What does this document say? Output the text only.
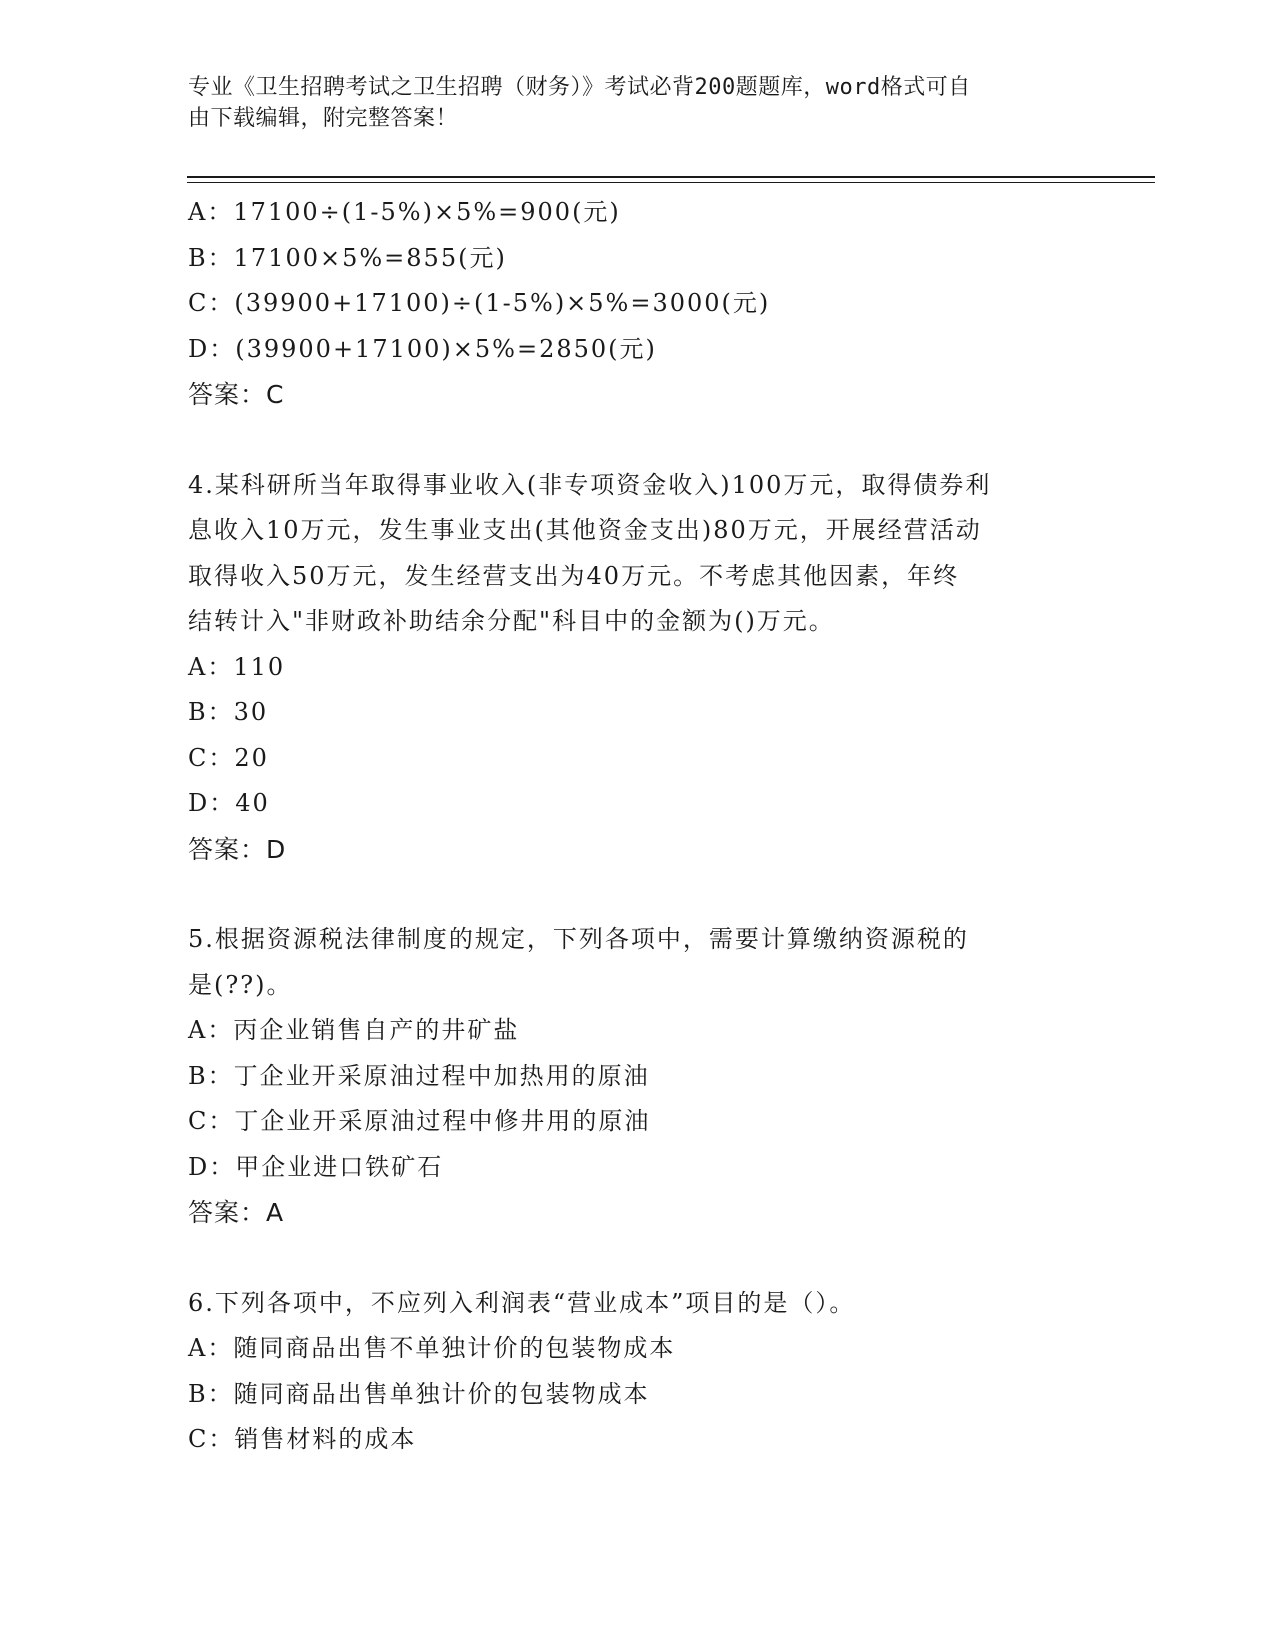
专业《卫生招聘考试之卫生招聘（财务）》考试必背200题题库，word格式可自
由下载编辑，附完整答案！
A：17100÷(1-5%)×5%=900(元)
B：17100×5%=855(元)
C：(39900+17100)÷(1-5%)×5%=3000(元)
D：(39900+17100)×5%=2850(元)
答案：C
4.某科研所当年取得事业收入(非专项资金收入)100万元，取得债券利
息收入10万元，发生事业支出(其他资金支出)80万元，开展经营活动
取得收入50万元，发生经营支出为40万元。不考虑其他因素，年终
结转计入"非财政补助结余分配"科目中的金额为()万元。
A：110
B：30
C：20
D：40
答案：D
5.根据资源税法律制度的规定，下列各项中，需要计算缴纳资源税的
是(??)。
A：丙企业销售自产的井矿盐
B：丁企业开采原油过程中加热用的原油
C：丁企业开采原油过程中修井用的原油
D：甲企业进口铁矿石
答案：A
6.下列各项中，不应列入利润表“营业成本”项目的是（）。
A：随同商品出售不单独计价的包装物成本
B：随同商品出售单独计价的包装物成本
C：销售材料的成本
